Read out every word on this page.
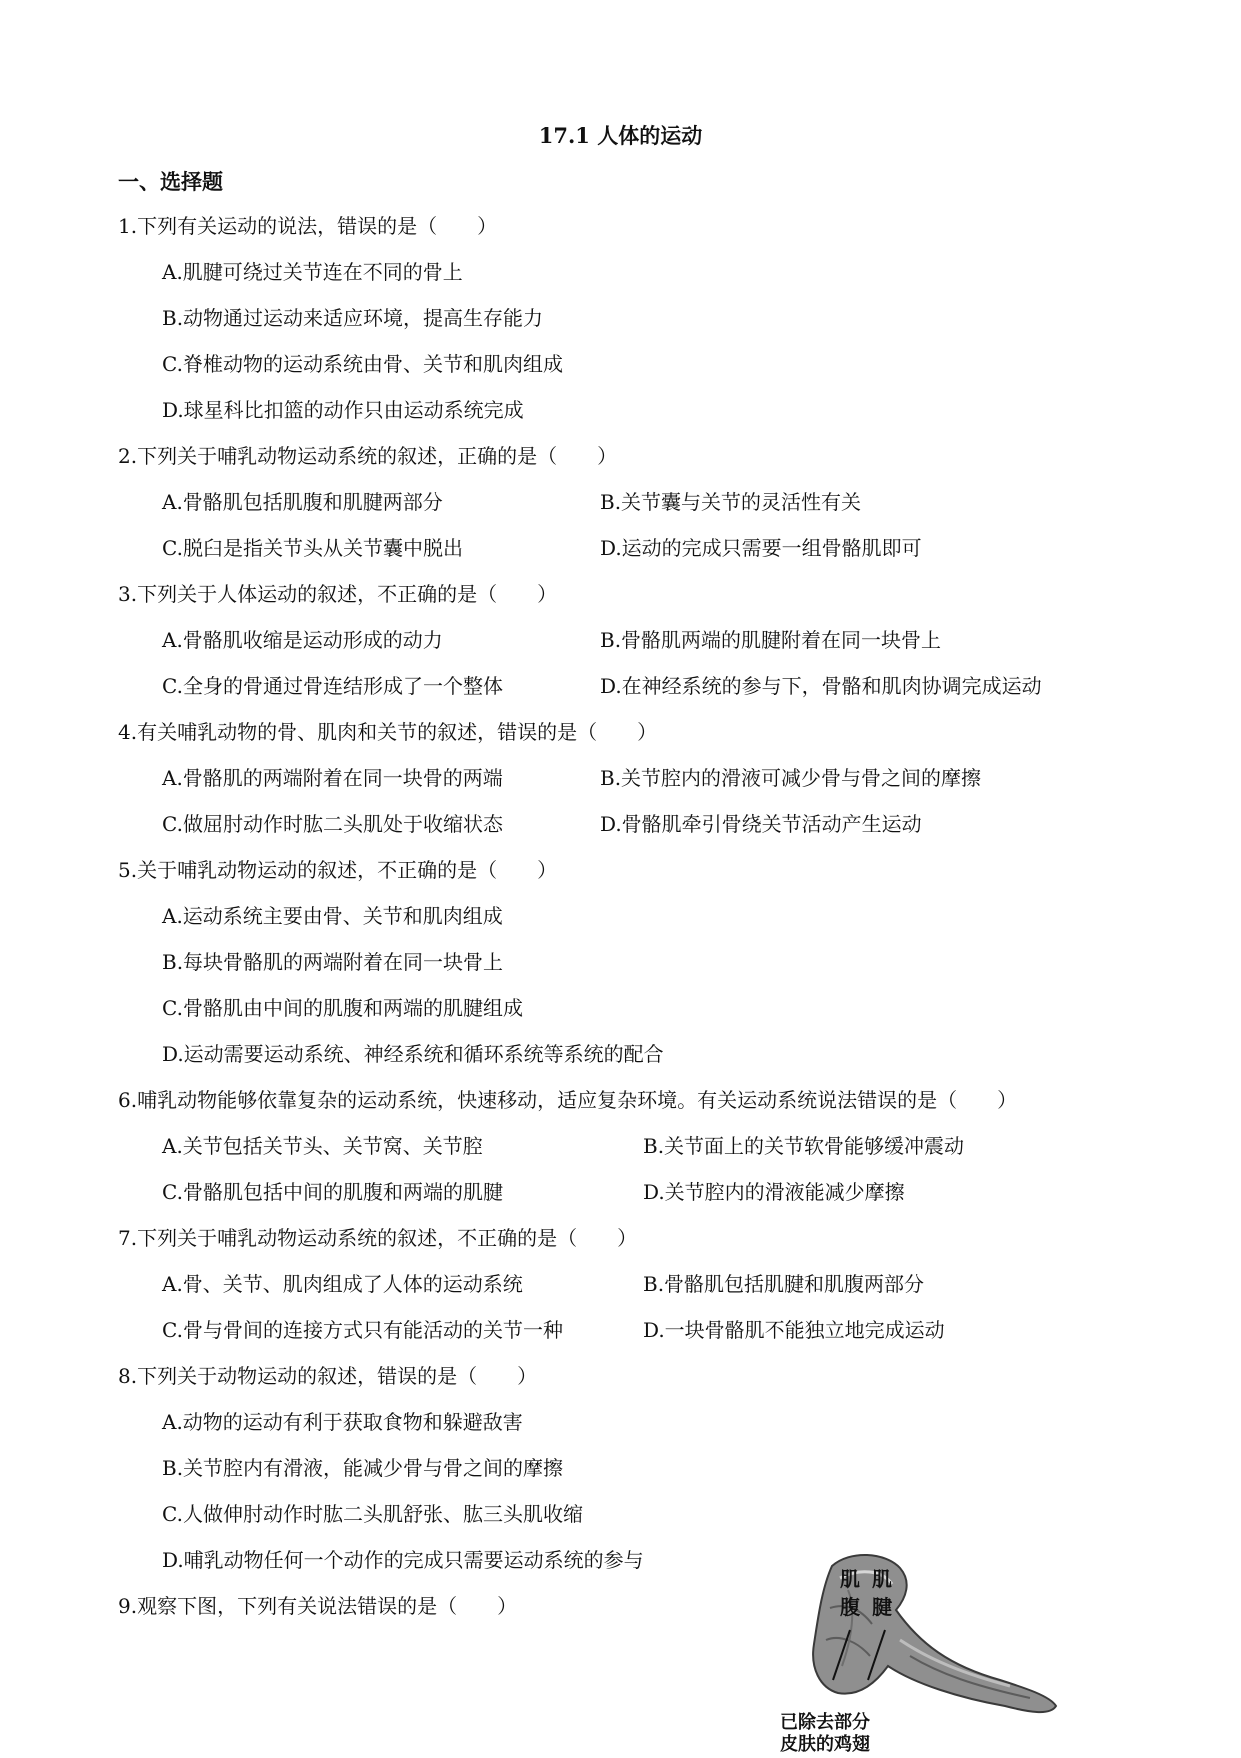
17.1 人体的运动
一、选择题
1.下列有关运动的说法，错误的是（　　）
A.肌腱可绕过关节连在不同的骨上
B.动物通过运动来适应环境，提高生存能力
C.脊椎动物的运动系统由骨、关节和肌肉组成
D.球星科比扣篮的动作只由运动系统完成
2.下列关于哺乳动物运动系统的叙述，正确的是（　　）
A.骨骼肌包括肌腹和肌腱两部分	B.关节囊与关节的灵活性有关
C.脱臼是指关节头从关节囊中脱出	D.运动的完成只需要一组骨骼肌即可
3.下列关于人体运动的叙述，不正确的是（　　）
A.骨骼肌收缩是运动形成的动力	B.骨骼肌两端的肌腱附着在同一块骨上
C.全身的骨通过骨连结形成了一个整体	D.在神经系统的参与下，骨骼和肌肉协调完成运动
4.有关哺乳动物的骨、肌肉和关节的叙述，错误的是（　　）
A.骨骼肌的两端附着在同一块骨的两端	B.关节腔内的滑液可减少骨与骨之间的摩擦
C.做屈肘动作时肱二头肌处于收缩状态	D.骨骼肌牵引骨绕关节活动产生运动
5.关于哺乳动物运动的叙述，不正确的是（　　）
A.运动系统主要由骨、关节和肌肉组成
B.每块骨骼肌的两端附着在同一块骨上
C.骨骼肌由中间的肌腹和两端的肌腱组成
D.运动需要运动系统、神经系统和循环系统等系统的配合
6.哺乳动物能够依靠复杂的运动系统，快速移动，适应复杂环境。有关运动系统说法错误的是（　　）
A.关节包括关节头、关节窝、关节腔	B.关节面上的关节软骨能够缓冲震动
C.骨骼肌包括中间的肌腹和两端的肌腱	D.关节腔内的滑液能减少摩擦
7.下列关于哺乳动物运动系统的叙述，不正确的是（　　）
A.骨、关节、肌肉组成了人体的运动系统	B.骨骼肌包括肌腱和肌腹两部分
C.骨与骨间的连接方式只有能活动的关节一种	D.一块骨骼肌不能独立地完成运动
8.下列关于动物运动的叙述，错误的是（　　）
A.动物的运动有利于获取食物和躲避敌害
B.关节腔内有滑液，能减少骨与骨之间的摩擦
C.人做伸肘动作时肱二头肌舒张、肱三头肌收缩
D.哺乳动物任何一个动作的完成只需要运动系统的参与
9.观察下图，下列有关说法错误的是（　　）
肌
腹
肌
腱
已除去部分
皮肤的鸡翅
